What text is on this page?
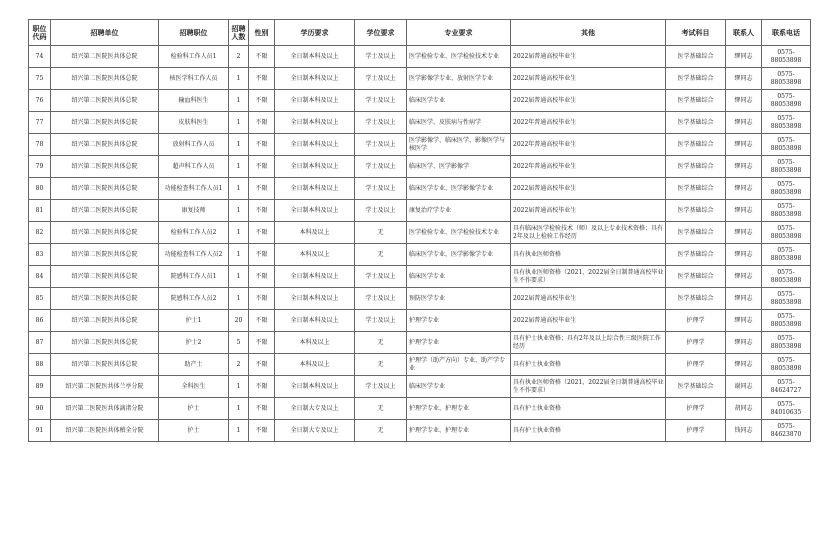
职位代码	招聘单位	招聘职位	招聘人数	性别	学历要求	学位要求	专业要求	其他	考试科目	联系人	联系电话
74	绍兴第二医院医共体总院	检验科工作人员1	2	不限	全日制本科及以上	学士及以上	医学检验专业、医学检验技术专业	2022届普通高校毕业生	医学基础综合	缪同志	0575-88053898
75	绍兴第二医院医共体总院	核医学科工作人员	1	不限	全日制本科及以上	学士及以上	医学影像学专业、放射医学专业	2022届普通高校毕业生	医学基础综合	缪同志	0575-88053898
76	绍兴第二医院医共体总院	输血科医生	1	不限	全日制本科及以上	学士及以上	临床医学专业	2022届普通高校毕业生	医学基础综合	缪同志	0575-88053898
77	绍兴第二医院医共体总院	皮肤科医生	1	不限	全日制本科及以上	学士及以上	临床医学、皮肤病与性病学	2022年普通高校毕业生	医学基础综合	缪同志	0575-88053898
78	绍兴第二医院医共体总院	放射科工作人员	1	不限	全日制本科及以上	学士及以上	医学影像学、临床医学、影像医学与核医学	2022年普通高校毕业生	医学基础综合	缪同志	0575-88053898
79	绍兴第二医院医共体总院	超声科工作人员	1	不限	全日制本科及以上	学士及以上	临床医学、医学影像学	2022年普通高校毕业生	医学基础综合	缪同志	0575-88053898
80	绍兴第二医院医共体总院	功能检查科工作人员1	1	不限	全日制本科及以上	学士及以上	临床医学专业、医学影像学专业	2022届普通高校毕业生	医学基础综合	缪同志	0575-88053898
81	绍兴第二医院医共体总院	康复技师	1	不限	全日制本科及以上	学士及以上	康复治疗学专业	2022届普通高校毕业生	医学基础综合	缪同志	0575-88053898
82	绍兴第二医院医共体总院	检验科工作人员2	1	不限	本科及以上	无	医学检验专业、医学检验技术专业	具有临床医学检验技术（师）及以上专业技术资格；具有2年及以上检验工作经历	医学基础综合	缪同志	0575-88053898
83	绍兴第二医院医共体总院	功能检查科工作人员2	1	不限	本科及以上	无	临床医学专业、医学影像学专业	具有执业医师资格	医学基础综合	缪同志	0575-88053898
84	绍兴第二医院医共体总院	院感科工作人员1	1	不限	全日制本科及以上	学士及以上	临床医学专业	具有执业医师资格（2021、2022届全日制普通高校毕业生不作要求）	医学基础综合	缪同志	0575-88053898
85	绍兴第二医院医共体总院	院感科工作人员2	1	不限	全日制本科及以上	学士及以上	预防医学专业	2022届普通高校毕业生	医学基础综合	缪同志	0575-88053898
86	绍兴第二医院医共体总院	护士1	20	不限	全日制本科及以上	学士及以上	护理学专业	2022届普通高校毕业生	护理学	缪同志	0575-88053898
87	绍兴第二医院医共体总院	护士2	5	不限	本科及以上	无	护理学专业	具有护士执业资格；具有2年及以上综合性三级医院工作经历	护理学	缪同志	0575-88053898
88	绍兴第二医院医共体总院	助产士	2	不限	本科及以上	无	护理学（助产方向）专业、助产学专业	具有护士执业资格	护理学	缪同志	0575-88053898
89	绍兴第二医院医共体兰亭分院	全科医生	1	不限	全日制本科及以上	学士及以上	临床医学专业	具有执业医师资格（2021、2022届全日制普通高校毕业生不作要求）	医学基础综合	谢同志	0575-84624727
90	绍兴第二医院医共体漓渚分院	护士	1	不限	全日制大专及以上	无	护理学专业、护理专业	具有护士执业资格	护理学	胡同志	0575-84010635
91	绍兴第二医院医共体稽全分院	护士	1	不限	全日制大专及以上	无	护理学专业、护理专业	具有护士执业资格	护理学	钱同志	0575-84623870
